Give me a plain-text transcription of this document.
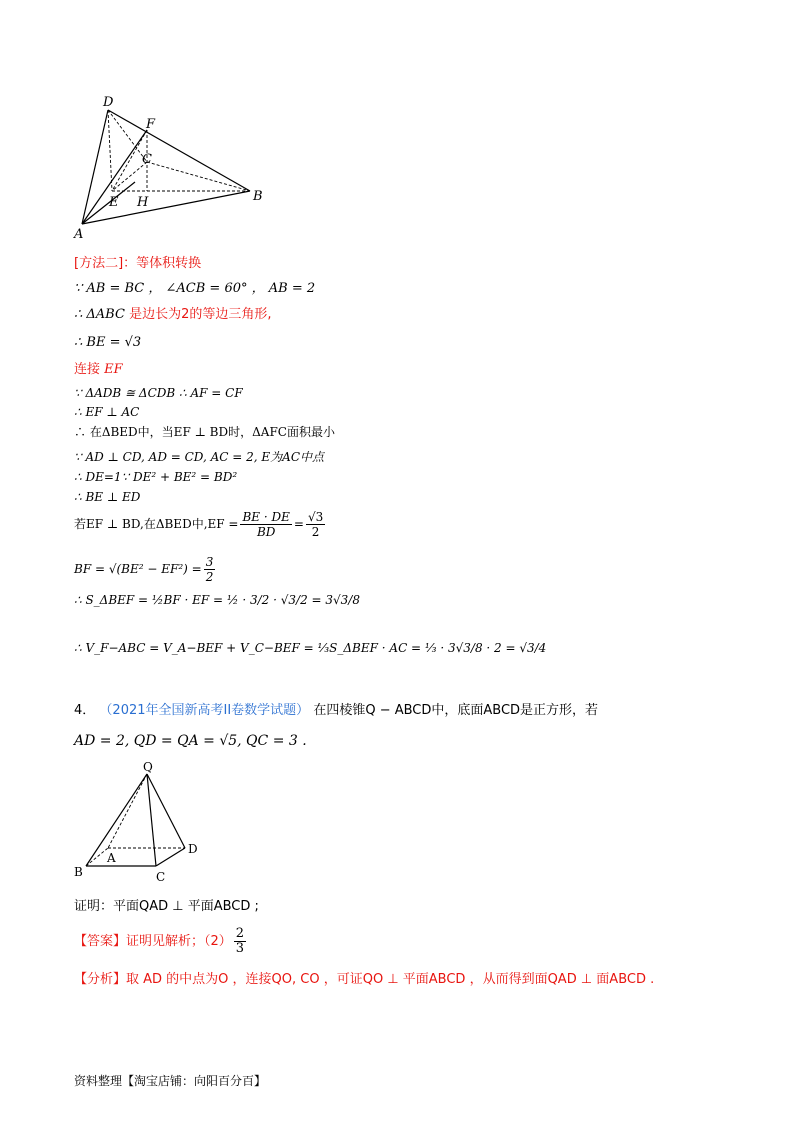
D
F
C
E H	B
A
[方法二]：等体积转换
∵ AB = BC ， ∠ACB = 60° ， AB = 2
∴ ΔABC 是边长为2的等边三角形,
∴ BE = √3
连接 EF
∵ ΔADB ≅ ΔCDB ∴ AF = CF
∴ EF ⊥ AC
∴ 在ΔBED中，当EF ⊥ BD时，ΔAFC面积最小
∵ AD ⊥ CD, AD = CD, AC = 2, E为AC中点
∴ DE=1∵ DE² + BE² = BD²
∴ BE ⊥ ED
若EF ⊥ BD,在ΔBED中$,EF = \frac{BE \cdot DE}{BD} = \frac{√3}{2}$
BF = $√(BE^2 - EF^2) = \frac{3}{2}$
∴ S_ΔBEF = ½BF · EF = ½ · 3/2 · √3/2 = 3√3/8
∴ V_F−ABC = V_A−BEF + V_C−BEF = ⅓S_ΔBEF · AC = ⅓ · 3√3/8 · 2 = √3/4
4． （2021年全国新高考II卷数学试题） 在四棱锥Q − ABCD中，底面ABCD是正方形，若
AD = 2, QD = QA = √5, QC = 3 .
Q
A
B	C
D
证明：平面QAD ⊥ 平面ABCD ;
【答案】证明见解析；$(2) \frac{2}{3}$
【分析】取 AD 的中点为O ，连接QO, CO ，可证QO ⊥ 平面ABCD ，从而得到面QAD ⊥ 面ABCD .
资料整理【淘宝店铺：向阳百分百】
